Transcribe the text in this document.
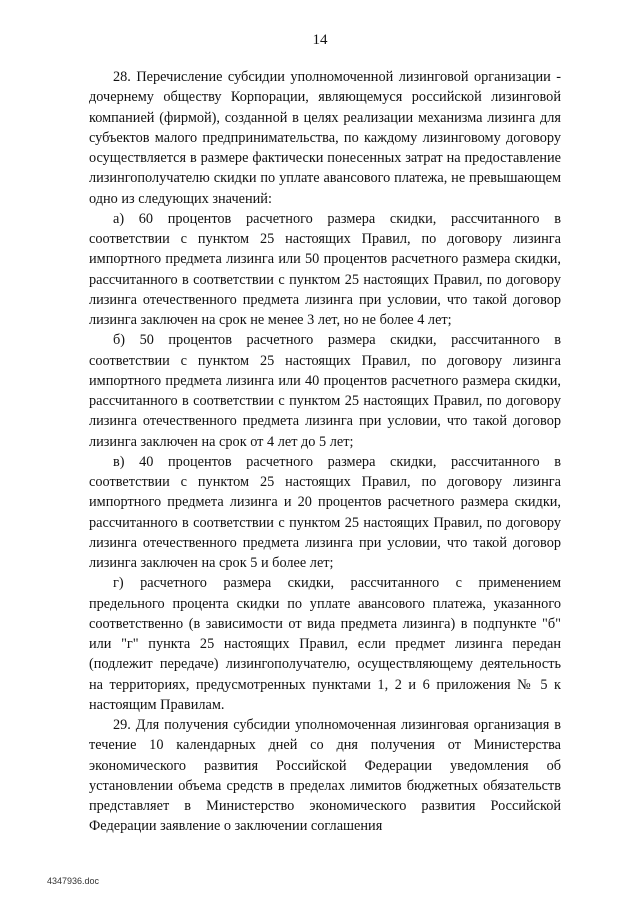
14

28. Перечисление субсидии уполномоченной лизинговой организации - дочернему обществу Корпорации, являющемуся российской лизинговой компанией (фирмой), созданной в целях реализации механизма лизинга для субъектов малого предпринимательства, по каждому лизинговому договору осуществляется в размере фактически понесенных затрат на предоставление лизингополучателю скидки по уплате авансового платежа, не превышающем одно из следующих значений:

а) 60 процентов расчетного размера скидки, рассчитанного в соответствии с пунктом 25 настоящих Правил, по договору лизинга импортного предмета лизинга или 50 процентов расчетного размера скидки, рассчитанного в соответствии с пунктом 25 настоящих Правил, по договору лизинга отечественного предмета лизинга при условии, что такой договор лизинга заключен на срок не менее 3 лет, но не более 4 лет;

б) 50 процентов расчетного размера скидки, рассчитанного в соответствии с пунктом 25 настоящих Правил, по договору лизинга импортного предмета лизинга или 40 процентов расчетного размера скидки, рассчитанного в соответствии с пунктом 25 настоящих Правил, по договору лизинга отечественного предмета лизинга при условии, что такой договор лизинга заключен на срок от 4 лет до 5 лет;

в) 40 процентов расчетного размера скидки, рассчитанного в соответствии с пунктом 25 настоящих Правил, по договору лизинга импортного предмета лизинга и 20 процентов расчетного размера скидки, рассчитанного в соответствии с пунктом 25 настоящих Правил, по договору лизинга отечественного предмета лизинга при условии, что такой договор лизинга заключен на срок 5 и более лет;

г) расчетного размера скидки, рассчитанного с применением предельного процента скидки по уплате авансового платежа, указанного соответственно (в зависимости от вида предмета лизинга) в подпункте "б" или "г" пункта 25 настоящих Правил, если предмет лизинга передан (подлежит передаче) лизингополучателю, осуществляющему деятельность на территориях, предусмотренных пунктами 1, 2 и 6 приложения № 5 к настоящим Правилам.

29. Для получения субсидии уполномоченная лизинговая организация в течение 10 календарных дней со дня получения от Министерства экономического развития Российской Федерации уведомления об установлении объема средств в пределах лимитов бюджетных обязательств представляет в Министерство экономического развития Российской Федерации заявление о заключении соглашения

4347936.doc
